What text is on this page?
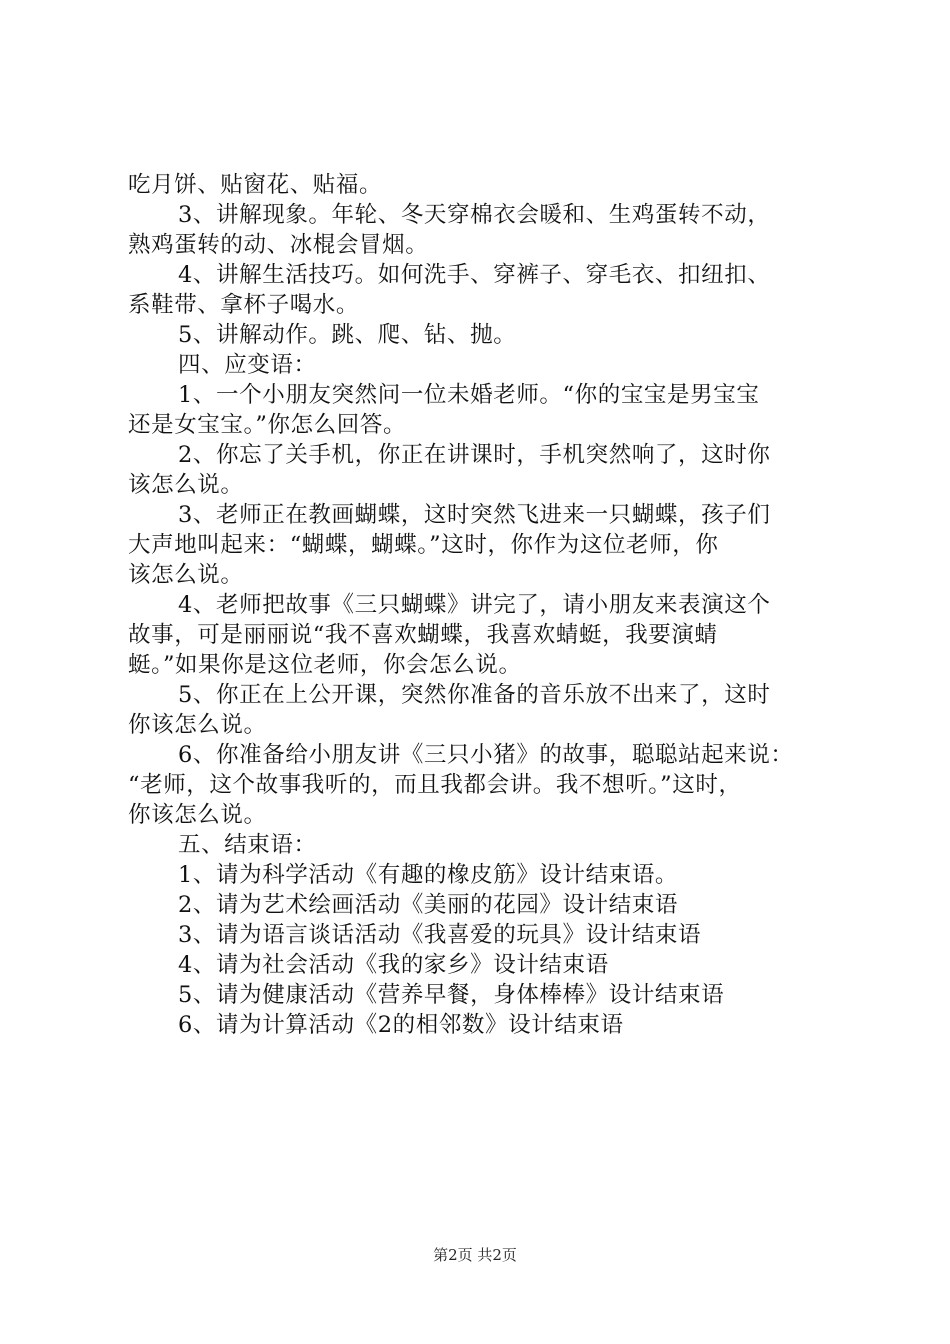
吃月饼、贴窗花、贴福。
3、讲解现象。年轮、冬天穿棉衣会暖和、生鸡蛋转不动，
熟鸡蛋转的动、冰棍会冒烟。
4、讲解生活技巧。如何洗手、穿裤子、穿毛衣、扣纽扣、
系鞋带、拿杯子喝水。
5、讲解动作。跳、爬、钻、抛。
四、应变语：
1、一个小朋友突然问一位未婚老师。“你的宝宝是男宝宝
还是女宝宝。”你怎么回答。
2、你忘了关手机，你正在讲课时，手机突然响了，这时你
该怎么说。
3、老师正在教画蝴蝶，这时突然飞进来一只蝴蝶，孩子们
大声地叫起来：“蝴蝶，蝴蝶。”这时，你作为这位老师，你
该怎么说。
4、老师把故事《三只蝴蝶》讲完了，请小朋友来表演这个
故事，可是丽丽说“我不喜欢蝴蝶，我喜欢蜻蜓，我要演蜻
蜓。”如果你是这位老师，你会怎么说。
5、你正在上公开课，突然你准备的音乐放不出来了，这时
你该怎么说。
6、你准备给小朋友讲《三只小猪》的故事，聪聪站起来说：
“老师，这个故事我听的，而且我都会讲。我不想听。”这时，
你该怎么说。
五、结束语：
1、请为科学活动《有趣的橡皮筋》设计结束语。
2、请为艺术绘画活动《美丽的花园》设计结束语
3、请为语言谈话活动《我喜爱的玩具》设计结束语
4、请为社会活动《我的家乡》设计结束语
5、请为健康活动《营养早餐，身体棒棒》设计结束语
6、请为计算活动《2的相邻数》设计结束语
第2页 共2页
